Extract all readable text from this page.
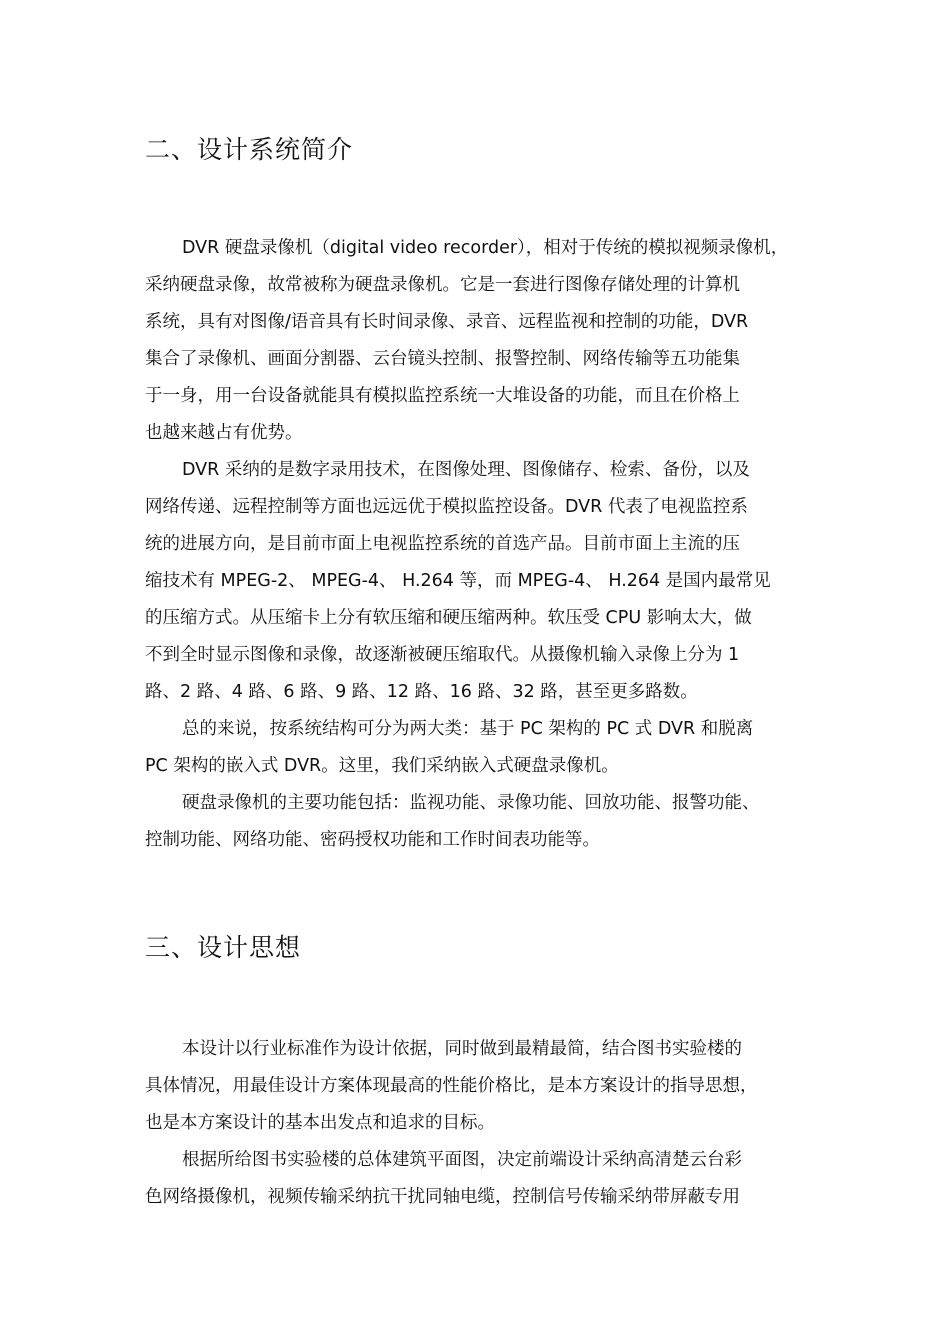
二、设计系统简介
DVR 硬盘录像机（digital video recorder），相对于传统的模拟视频录像机，
采纳硬盘录像，故常被称为硬盘录像机。它是一套进行图像存储处理的计算机
系统，具有对图像/语音具有长时间录像、录音、远程监视和控制的功能，DVR
集合了录像机、画面分割器、云台镜头控制、报警控制、网络传输等五功能集
于一身，用一台设备就能具有模拟监控系统一大堆设备的功能，而且在价格上
也越来越占有优势。
DVR 采纳的是数字录用技术，在图像处理、图像储存、检索、备份，以及
网络传递、远程控制等方面也远远优于模拟监控设备。DVR 代表了电视监控系
统的进展方向，是目前市面上电视监控系统的首选产品。目前市面上主流的压
缩技术有 MPEG-2、 MPEG-4、 H.264 等，而 MPEG-4、 H.264 是国内最常见
的压缩方式。从压缩卡上分有软压缩和硬压缩两种。软压受 CPU 影响太大，做
不到全时显示图像和录像，故逐渐被硬压缩取代。从摄像机输入录像上分为 1
路、2 路、4 路、6 路、9 路、12 路、16 路、32 路，甚至更多路数。
总的来说，按系统结构可分为两大类：基于 PC 架构的 PC 式 DVR 和脱离
PC 架构的嵌入式 DVR。这里，我们采纳嵌入式硬盘录像机。
硬盘录像机的主要功能包括：监视功能、录像功能、回放功能、报警功能、
控制功能、网络功能、密码授权功能和工作时间表功能等。
三、设计思想
本设计以行业标准作为设计依据，同时做到最精最简，结合图书实验楼的
具体情况，用最佳设计方案体现最高的性能价格比，是本方案设计的指导思想，
也是本方案设计的基本出发点和追求的目标。
根据所给图书实验楼的总体建筑平面图，决定前端设计采纳高清楚云台彩
色网络摄像机，视频传输采纳抗干扰同轴电缆，控制信号传输采纳带屏蔽专用
